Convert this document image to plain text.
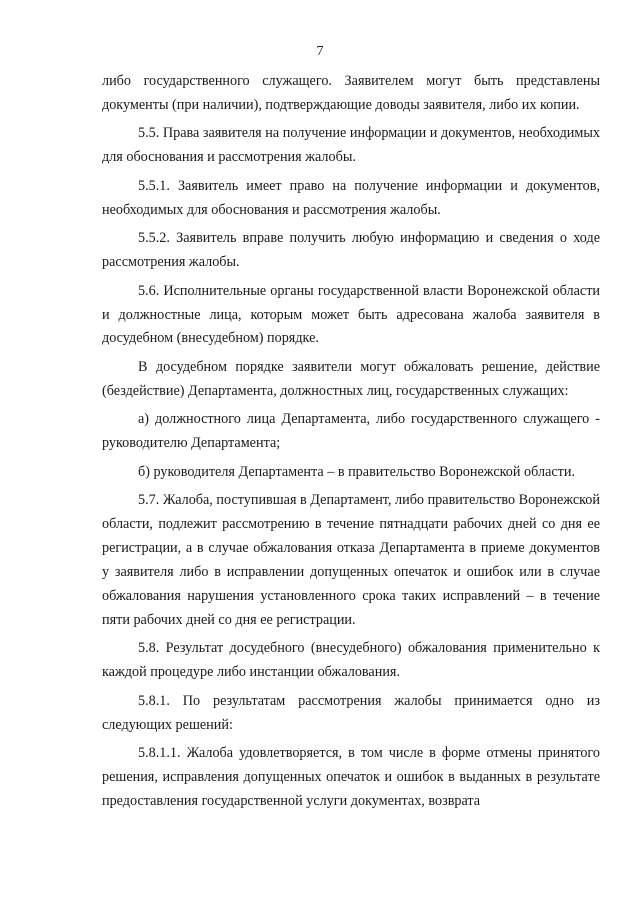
7

либо государственного служащего. Заявителем могут быть представлены документы (при наличии), подтверждающие доводы заявителя, либо их копии.

5.5. Права заявителя на получение информации и документов, необходимых для обоснования и рассмотрения жалобы.

5.5.1. Заявитель имеет право на получение информации и документов, необходимых для обоснования и рассмотрения жалобы.

5.5.2. Заявитель вправе получить любую информацию и сведения о ходе рассмотрения жалобы.

5.6. Исполнительные органы государственной власти Воронежской области и должностные лица, которым может быть адресована жалоба заявителя в досудебном (внесудебном) порядке.

В досудебном порядке заявители могут обжаловать решение, действие (бездействие) Департамента, должностных лиц, государственных служащих:

а) должностного лица Департамента, либо государственного служащего - руководителю Департамента;

б) руководителя Департамента – в правительство Воронежской области.

5.7. Жалоба, поступившая в Департамент, либо правительство Воронежской области, подлежит рассмотрению в течение пятнадцати рабочих дней со дня ее регистрации, а в случае обжалования отказа Департамента в приеме документов у заявителя либо в исправлении допущенных опечаток и ошибок или в случае обжалования нарушения установленного срока таких исправлений – в течение пяти рабочих дней со дня ее регистрации.

5.8. Результат досудебного (внесудебного) обжалования применительно к каждой процедуре либо инстанции обжалования.

5.8.1. По результатам рассмотрения жалобы принимается одно из следующих решений:

5.8.1.1. Жалоба удовлетворяется, в том числе в форме отмены принятого решения, исправления допущенных опечаток и ошибок в выданных в результате предоставления государственной услуги документах, возврата
